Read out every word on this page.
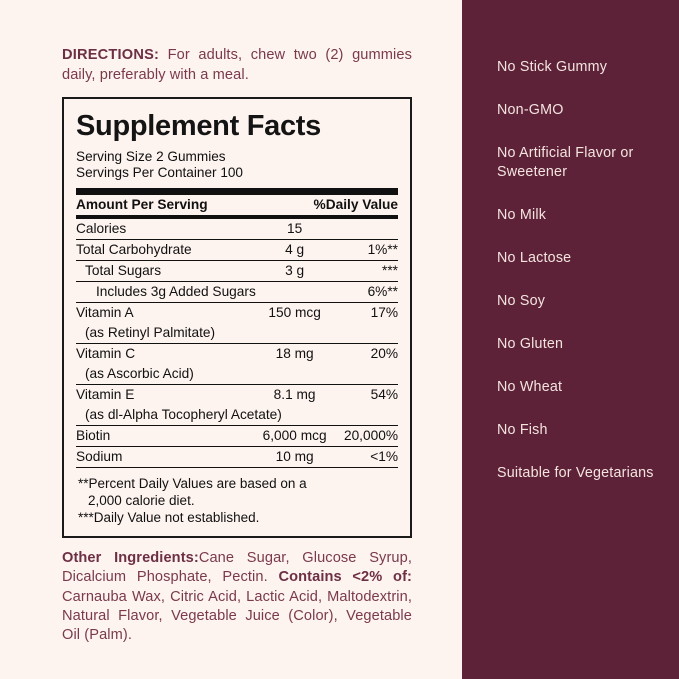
DIRECTIONS: For adults, chew two (2) gummies daily, preferably with a meal.

Supplement Facts
Serving Size 2 Gummies
Servings Per Container 100
Amount Per Serving	%Daily Value
Calories	15	
Total Carbohydrate	4 g	1%**
Total Sugars	3 g	***
Includes 3g Added Sugars		6%**
Vitamin A	150 mcg	17%
(as Retinyl Palmitate)		
Vitamin C	18 mg	20%
(as Ascorbic Acid)		
Vitamin E	8.1 mg	54%
(as dl-Alpha Tocopheryl Acetate)		
Biotin	6,000 mcg	20,000%
Sodium	10 mg	<1%
**Percent Daily Values are based on a
2,000 calorie diet.
***Daily Value not established.

Other Ingredients:Cane Sugar, Glucose Syrup, Dicalcium Phosphate, Pectin. Contains <2% of: Carnauba Wax, Citric Acid, Lactic Acid, Maltodextrin, Natural Flavor, Vegetable Juice (Color), Vegetable Oil (Palm).

No Stick Gummy
Non-GMO
No Artificial Flavor or Sweetener
No Milk
No Lactose
No Soy
No Gluten
No Wheat
No Fish
Suitable for Vegetarians
